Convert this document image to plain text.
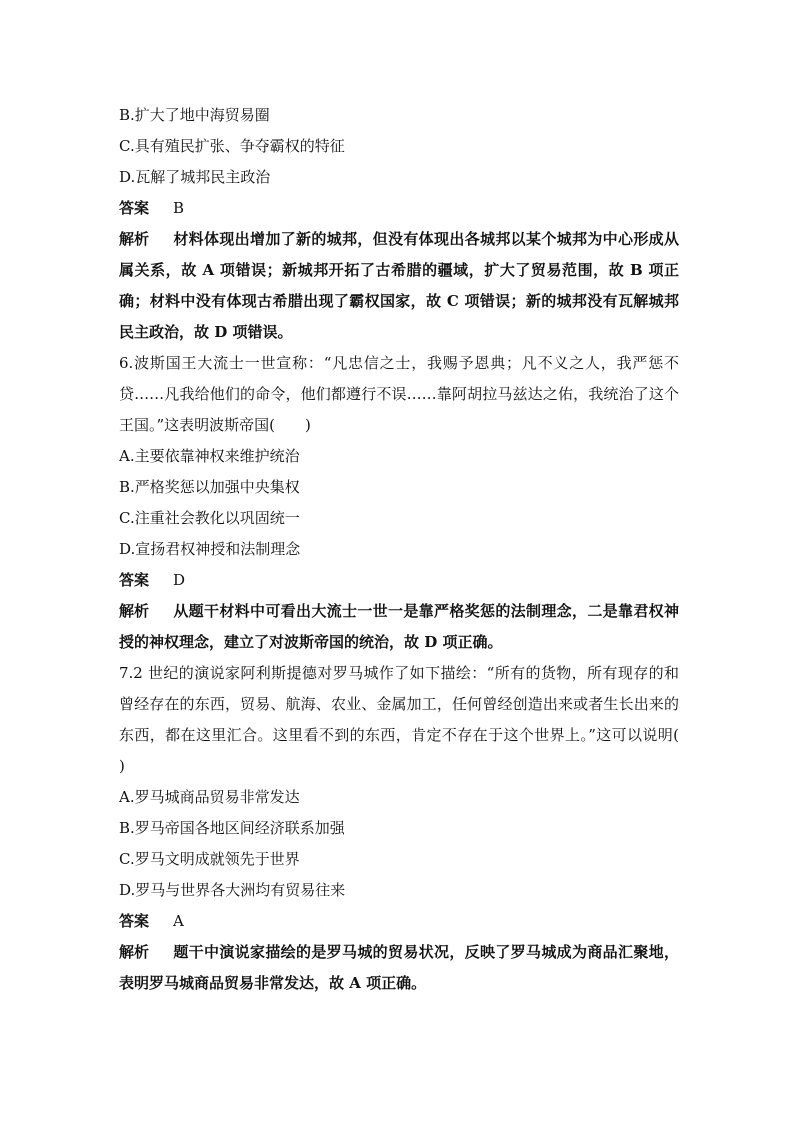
B.扩大了地中海贸易圈
C.具有殖民扩张、争夺霸权的特征
D.瓦解了城邦民主政治
答案 B
解析 材料体现出增加了新的城邦，但没有体现出各城邦以某个城邦为中心形成从属关系，故 A 项错误；新城邦开拓了古希腊的疆域，扩大了贸易范围，故 B 项正确；材料中没有体现古希腊出现了霸权国家，故 C 项错误；新的城邦没有瓦解城邦民主政治，故 D 项错误。
6.波斯国王大流士一世宣称：“凡忠信之士，我赐予恩典；凡不义之人，我严惩不贷……凡我给他们的命令，他们都遵行不误……靠阿胡拉马兹达之佑，我统治了这个王国。”这表明波斯帝国(　　)
A.主要依靠神权来维护统治
B.严格奖惩以加强中央集权
C.注重社会教化以巩固统一
D.宣扬君权神授和法制理念
答案 D
解析 从题干材料中可看出大流士一世一是靠严格奖惩的法制理念，二是靠君权神授的神权理念，建立了对波斯帝国的统治，故 D 项正确。
7.2 世纪的演说家阿利斯提德对罗马城作了如下描绘：“所有的货物，所有现存的和曾经存在的东西，贸易、航海、农业、金属加工，任何曾经创造出来或者生长出来的东西，都在这里汇合。这里看不到的东西，肯定不存在于这个世界上。”这可以说明(　　)
A.罗马城商品贸易非常发达
B.罗马帝国各地区间经济联系加强
C.罗马文明成就领先于世界
D.罗马与世界各大洲均有贸易往来
答案 A
解析 题干中演说家描绘的是罗马城的贸易状况，反映了罗马城成为商品汇聚地，表明罗马城商品贸易非常发达，故 A 项正确。
